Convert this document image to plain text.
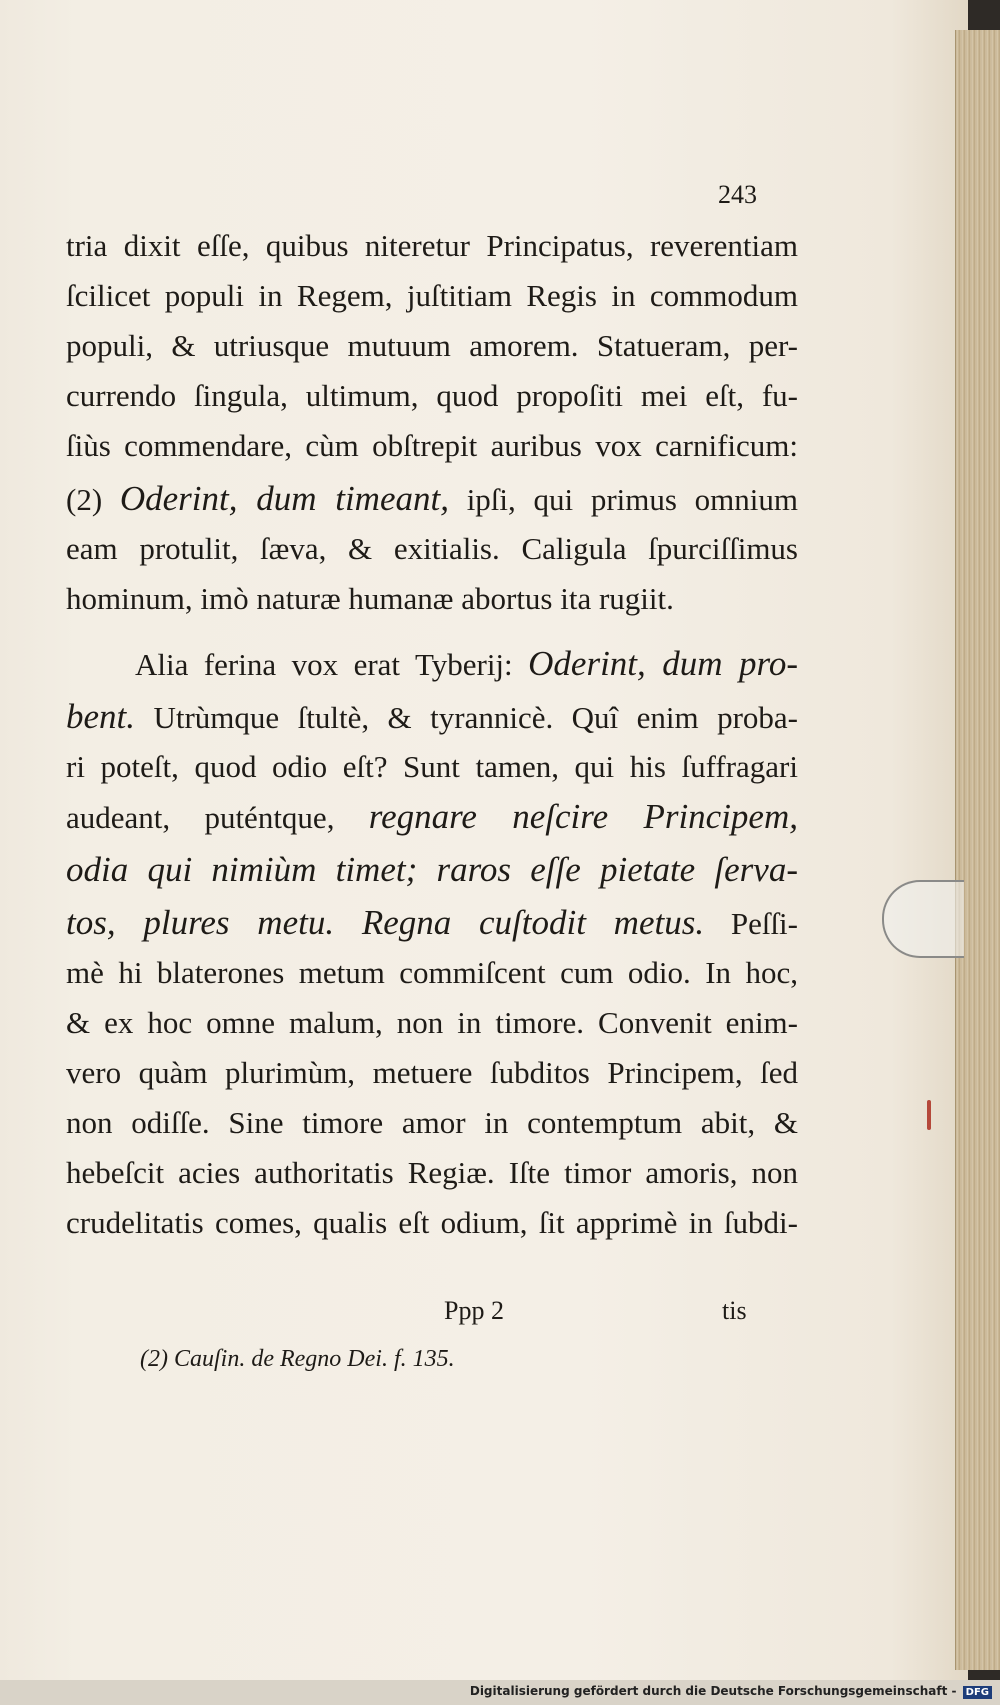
243
tria dixit eſſe, quibus niteretur Principatus, reverentiam
ſcilicet populi in Regem, juſtitiam Regis in commodum
populi, & utriusque mutuum amorem. Statueram, per-
currendo ſingula, ultimum, quod propoſiti mei eſt, fu-
ſiùs commendare, cùm obſtrepit auribus vox carnificum:
(2) Oderint, dum timeant, ipſi, qui primus omnium
eam protulit, ſæva, & exitialis. Caligula ſpurciſſimus
hominum, imò naturæ humanæ abortus ita rugiit.
Alia ferina vox erat Tyberij: Oderint, dum pro-
bent. Utrùmque ſtultè, & tyrannicè. Quî enim proba-
ri poteſt, quod odio eſt? Sunt tamen, qui his ſuffragari
audeant, puténtque, regnare neſcire Principem,
odia qui nimiùm timet; raros eſſe pietate ſerva-
tos, plures metu. Regna cuſtodit metus. Peſſi-
mè hi blaterones metum commiſcent cum odio. In hoc,
& ex hoc omne malum, non in timore. Convenit enim-
vero quàm plurimùm, metuere ſubditos Principem, ſed
non odiſſe. Sine timore amor in contemptum abit, &
hebeſcit acies authoritatis Regiæ. Iſte timor amoris, non
crudelitatis comes, qualis eſt odium, ſit apprimè in ſubdi-
Ppp 2	tis
(2) Cauſin. de Regno Dei. f. 135.
Digitalisierung gefördert durch die Deutsche Forschungsgemeinschaft - DFG
